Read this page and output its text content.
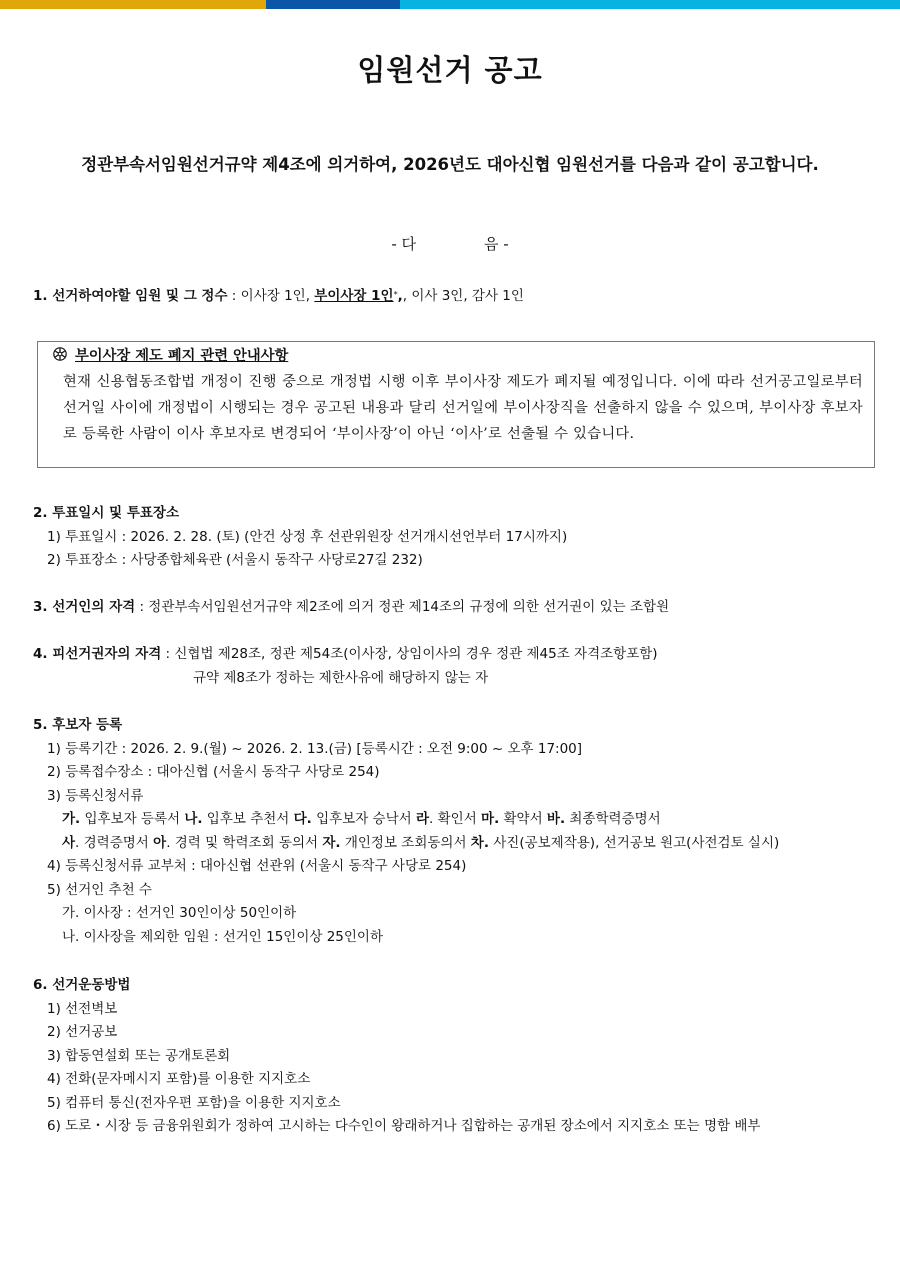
임원선거 공고
정관부속서임원선거규약 제4조에 의거하여, 2026년도 대아신협 임원선거를 다음과 같이 공고합니다.
- 다	음 -
1. 선거하여야할 임원 및 그 정수 : 이사장 1인, 부이사장 1인*,, 이사 3인, 감사 1인
부이사장 제도 폐지 관련 안내사항
현재 신용협동조합법 개정이 진행 중으로 개정법 시행 이후 부이사장 제도가 폐지될 예정입니다. 이에 따라 선거공고일로부터 선거일 사이에 개정법이 시행되는 경우 공고된 내용과 달리 선거일에 부이사장직을 선출하지 않을 수 있으며, 부이사장 후보자로 등록한 사람이 이사 후보자로 변경되어 ‘부이사장’이 아닌 ‘이사’로 선출될 수 있습니다.
2. 투표일시 및 투표장소
1) 투표일시 : 2026. 2. 28. (토) (안건 상정 후 선관위원장 선거개시선언부터 17시까지)
2) 투표장소 : 사당종합체육관 (서울시 동작구 사당로27길 232)
3. 선거인의 자격 : 정관부속서임원선거규약 제2조에 의거 정관 제14조의 규정에 의한 선거권이 있는 조합원
4. 피선거권자의 자격 : 신협법 제28조, 정관 제54조(이사장, 상임이사의 경우 정관 제45조 자격조항포함)
규약 제8조가 정하는 제한사유에 해당하지 않는 자
5. 후보자 등록
1) 등록기간 : 2026. 2. 9.(월) ~ 2026. 2. 13.(금) [등록시간 : 오전 9:00 ~ 오후 17:00]
2) 등록접수장소 : 대아신협 (서울시 동작구 사당로 254)
3) 등록신청서류
가. 입후보자 등록서 나. 입후보 추천서 다. 입후보자 승낙서 라. 확인서 마. 확약서 바. 최종학력증명서
사. 경력증명서 아. 경력 및 학력조회 동의서 자. 개인정보 조회동의서 차. 사진(공보제작용), 선거공보 원고(사전검토 실시)
4) 등록신청서류 교부처 : 대아신협 선관위 (서울시 동작구 사당로 254)
5) 선거인 추천 수
가. 이사장 : 선거인 30인이상 50인이하
나. 이사장을 제외한 임원 : 선거인 15인이상 25인이하
6. 선거운동방법
1) 선전벽보
2) 선거공보
3) 합동연설회 또는 공개토론회
4) 전화(문자메시지 포함)를 이용한 지지호소
5) 컴퓨터 통신(전자우편 포함)을 이용한 지지호소
6) 도로・시장 등 금융위원회가 정하여 고시하는 다수인이 왕래하거나 집합하는 공개된 장소에서 지지호소 또는 명함 배부
